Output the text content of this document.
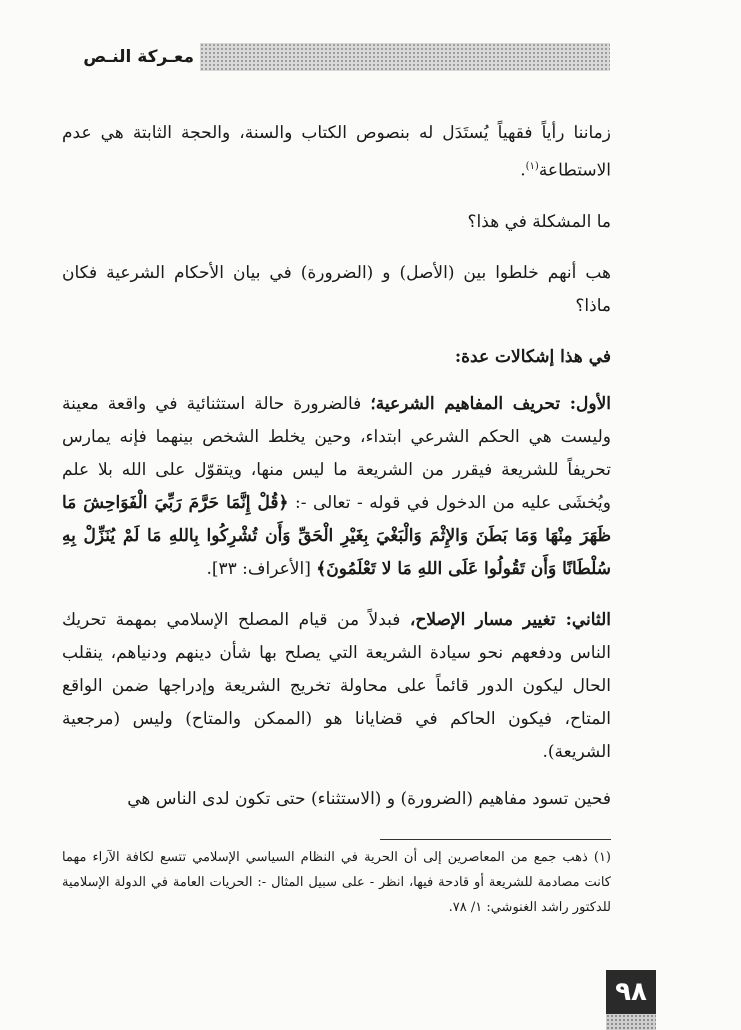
معـركة النـص

زماننا رأياً فقهياً يُستَدَل له بنصوص الكتاب والسنة، والحجة الثابتة هي عدم الاستطاعة$^{(١)}$.

ما المشكلة في هذا؟

هب أنهم خلطوا بين (الأصل) و (الضرورة) في بيان الأحكام الشرعية فكان ماذا؟

في هذا إشكالات عدة:

الأول: تحريف المفاهيم الشرعية؛ فالضرورة حالة استثنائية في واقعة معينة وليست هي الحكم الشرعي ابتداء، وحين يخلط الشخص بينهما فإنه يمارس تحريفاً للشريعة فيقرر من الشريعة ما ليس منها، ويتقوّل على الله بلا علم ويُخشَى عليه من الدخول في قوله - تعالى -: ﴿قُلْ إِنَّمَا حَرَّمَ رَبِّيَ الْفَوَاحِشَ مَا ظَهَرَ مِنْهَا وَمَا بَطَنَ وَالإِثْمَ وَالْبَغْيَ بِغَيْرِ الْحَقِّ وَأَن تُشْرِكُوا بِاللهِ مَا لَمْ يُنَزِّلْ بِهِ سُلْطَانًا وَأَن تَقُولُوا عَلَى اللهِ مَا لا تَعْلَمُونَ﴾ [الأعراف: ٣٣].

الثاني: تغيير مسار الإصلاح، فبدلاً من قيام المصلح الإسلامي بمهمة تحريك الناس ودفعهم نحو سيادة الشريعة التي يصلح بها شأن دينهم ودنياهم، ينقلب الحال ليكون الدور قائماً على محاولة تخريج الشريعة وإدراجها ضمن الواقع المتاح، فيكون الحاكم في قضايانا هو (الممكن والمتاح) وليس (مرجعية الشريعة).

فحين تسود مفاهيم (الضرورة) و (الاستثناء) حتى تكون لدى الناس هي

(١) ذهب جمع من المعاصرين إلى أن الحرية في النظام السياسي الإسلامي تتسع لكافة الآراء مهما كانت مصادمة للشريعة أو قادحة فيها، انظر - على سبيل المثال -: الحريات العامة في الدولة الإسلامية للدكتور راشد الغنوشي: ١/ ٧٨.
٩٨
